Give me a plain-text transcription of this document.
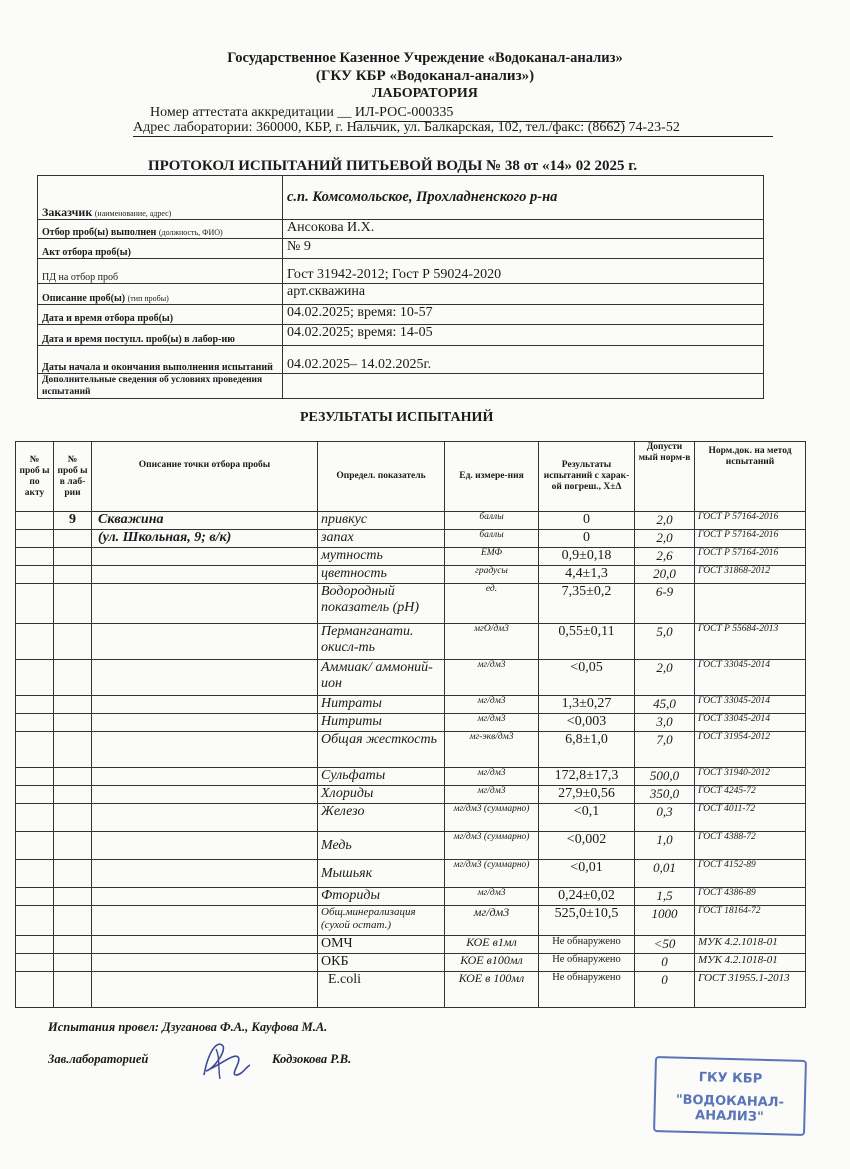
Государственное Казенное Учреждение «Водоканал-анализ»
(ГКУ КБР «Водоканал-анализ»)
ЛАБОРАТОРИЯ
Номер аттестата аккредитации __ ИЛ-РОС-000335
Адрес лаборатории: 360000, КБР, г. Нальчик, ул. Балкарская, 102, тел./факс: (8662) 74-23-52
ПРОТОКОЛ ИСПЫТАНИЙ ПИТЬЕВОЙ ВОДЫ № 38 от «14» 02 2025 г.
Заказчик (наименование, адрес)	с.п. Комсомольское, Прохладненского р-на
Отбор проб(ы) выполнен (должность, ФИО)	Ансокова И.Х.
Акт отбора проб(ы)	№ 9
ПД на отбор проб	Гост 31942-2012; Гост Р 59024-2020
Описание проб(ы) (тип пробы)	арт.скважина
Дата и время отбора проб(ы)	04.02.2025; время: 10-57
Дата и время поступл. проб(ы) в лабор-ию	04.02.2025; время: 14-05
Даты начала и окончания выполнения испытаний	04.02.2025– 14.02.2025г.
Дополнительные сведения об условиях проведения испытаний	
РЕЗУЛЬТАТЫ ИСПЫТАНИЙ
№ проб ы по акту	№ проб ы в лаб-рии	Описание точки отбора пробы	Определ. показатель	Ед. измере-ния	Результаты испытаний с харак-ой погреш., X±Δ	Допусти мый норм-в	Норм.док. на метод испытаний
	9	Скважина	привкус	баллы	0	2,0	ГОСТ Р 57164-2016
		(ул. Школьная, 9; в/к)	запах	баллы	0	2,0	ГОСТ Р 57164-2016
			мутность	ЕМФ	0,9±0,18	2,6	ГОСТ Р 57164-2016
			цветность	градусы	4,4±1,3	20,0	ГОСТ 31868-2012
			Водородный показатель (рН)	ед.	7,35±0,2	6-9	
			Перманганати. окисл-ть	мгО/дм3	0,55±0,11	5,0	ГОСТ Р 55684-2013
			Аммиак/ аммоний-ион	мг/дм3	<0,05	2,0	ГОСТ 33045-2014
			Нитраты	мг/дм3	1,3±0,27	45,0	ГОСТ 33045-2014
			Нитриты	мг/дм3	<0,003	3,0	ГОСТ 33045-2014
			Общая жесткость	мг-экв/дм3	6,8±1,0	7,0	ГОСТ 31954-2012
			Сульфаты	мг/дм3	172,8±17,3	500,0	ГОСТ 31940-2012
			Хлориды	мг/дм3	27,9±0,56	350,0	ГОСТ 4245-72
			Железо	мг/дм3 (суммарно)	<0,1	0,3	ГОСТ 4011-72
			Медь	мг/дм3 (суммарно)	<0,002	1,0	ГОСТ 4388-72
			Мышьяк	мг/дм3 (суммарно)	<0,01	0,01	ГОСТ 4152-89
			Фториды	мг/дм3	0,24±0,02	1,5	ГОСТ 4386-89
			Общ.минерализация (сухой остат.)	мг/дм3	525,0±10,5	1000	ГОСТ 18164-72
			ОМЧ	КОЕ в1мл	Не обнаружено	<50	МУК 4.2.1018-01
			ОКБ	КОЕ в100мл	Не обнаружено	0	МУК 4.2.1018-01
			E.coli	КОЕ в 100мл	Не обнаружено	0	ГОСТ 31955.1-2013
Испытания провел: Дзуганова Ф.А., Кауфова М.А.
Зав.лабораторией	Кодзокова Р.В.
ГКУ КБР
"ВОДОКАНАЛ-АНАЛИЗ"
